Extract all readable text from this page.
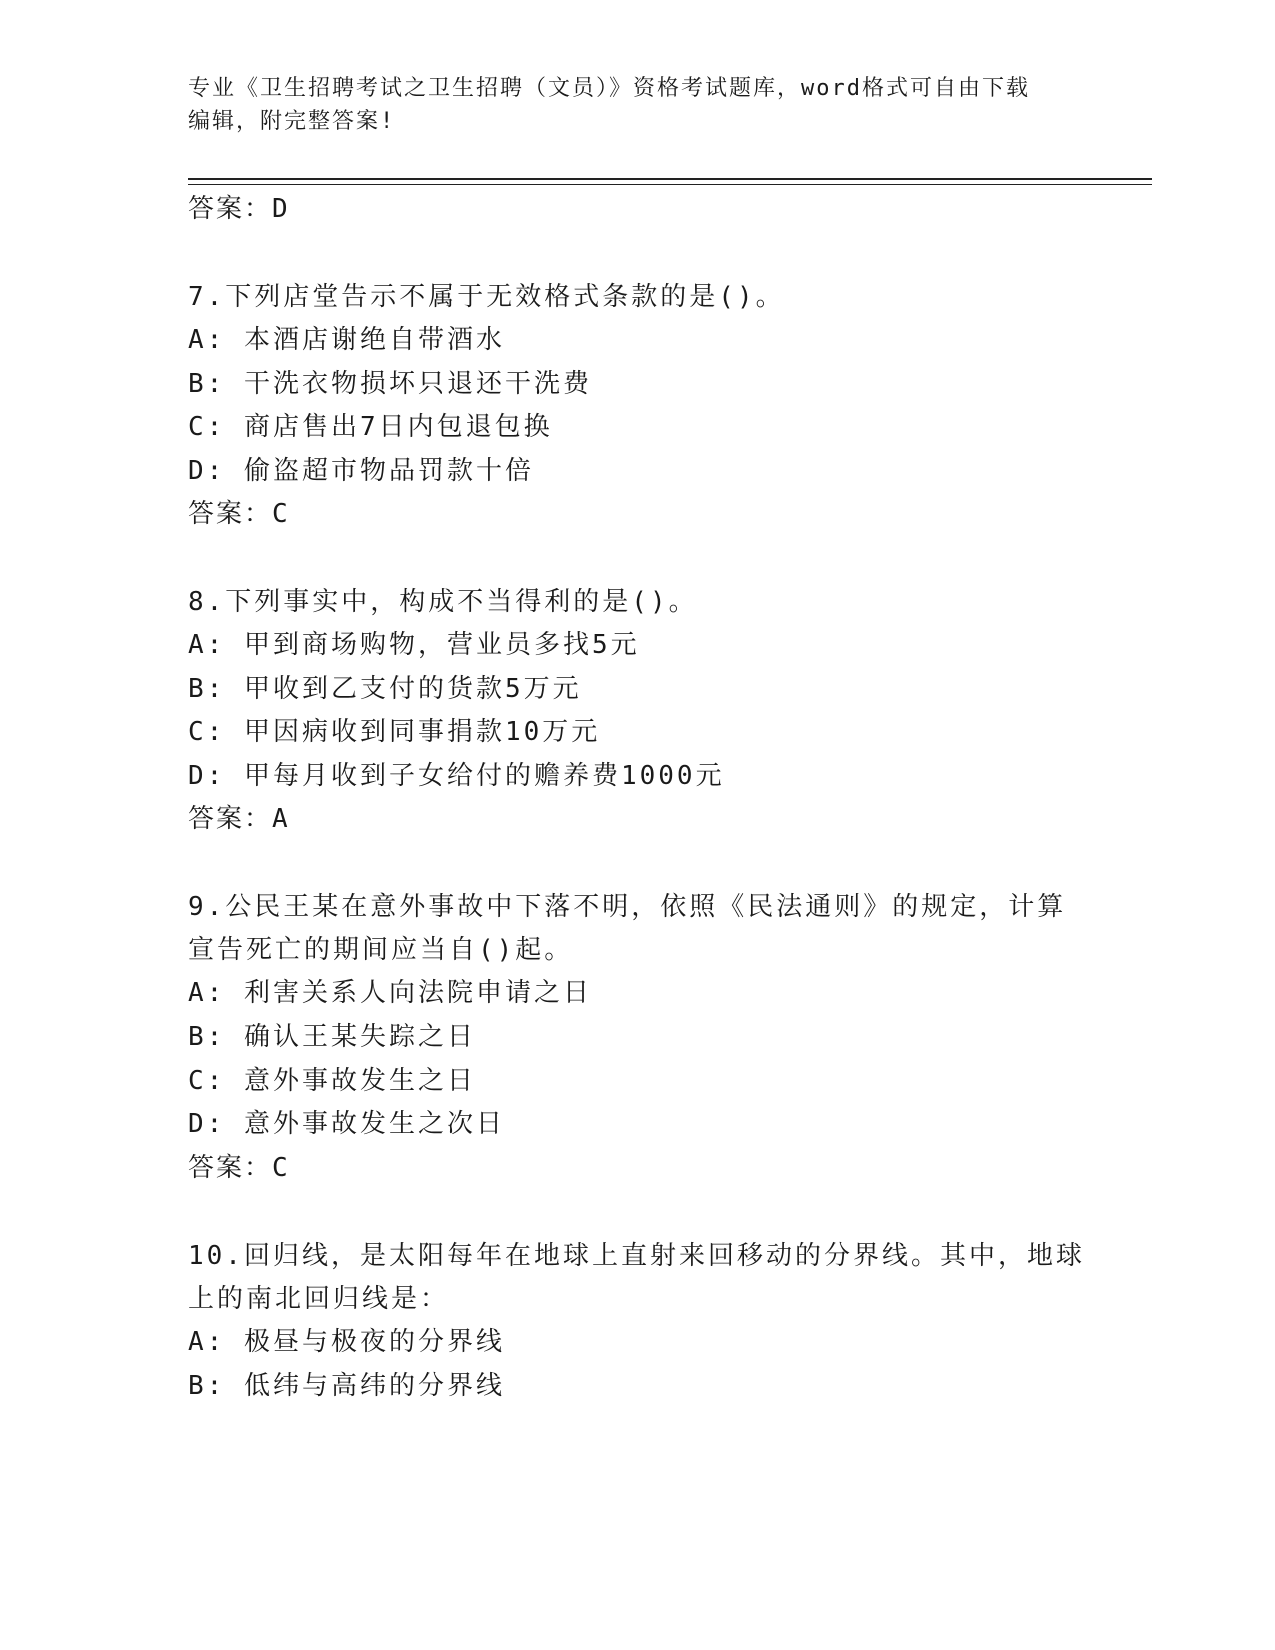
专业《卫生招聘考试之卫生招聘（文员）》资格考试题库，word格式可自由下载
编辑，附完整答案!
答案：D
7.下列店堂告示不属于无效格式条款的是()。
A: 本酒店谢绝自带酒水
B: 干洗衣物损坏只退还干洗费
C: 商店售出7日内包退包换
D: 偷盗超市物品罚款十倍
答案：C
8.下列事实中，构成不当得利的是()。
A: 甲到商场购物，营业员多找5元
B: 甲收到乙支付的货款5万元
C: 甲因病收到同事捐款10万元
D: 甲每月收到子女给付的赡养费1000元
答案：A
9.公民王某在意外事故中下落不明，依照《民法通则》的规定，计算
宣告死亡的期间应当自()起。
A: 利害关系人向法院申请之日
B: 确认王某失踪之日
C: 意外事故发生之日
D: 意外事故发生之次日
答案：C
10.回归线，是太阳每年在地球上直射来回移动的分界线。其中，地球
上的南北回归线是：
A: 极昼与极夜的分界线
B: 低纬与高纬的分界线
